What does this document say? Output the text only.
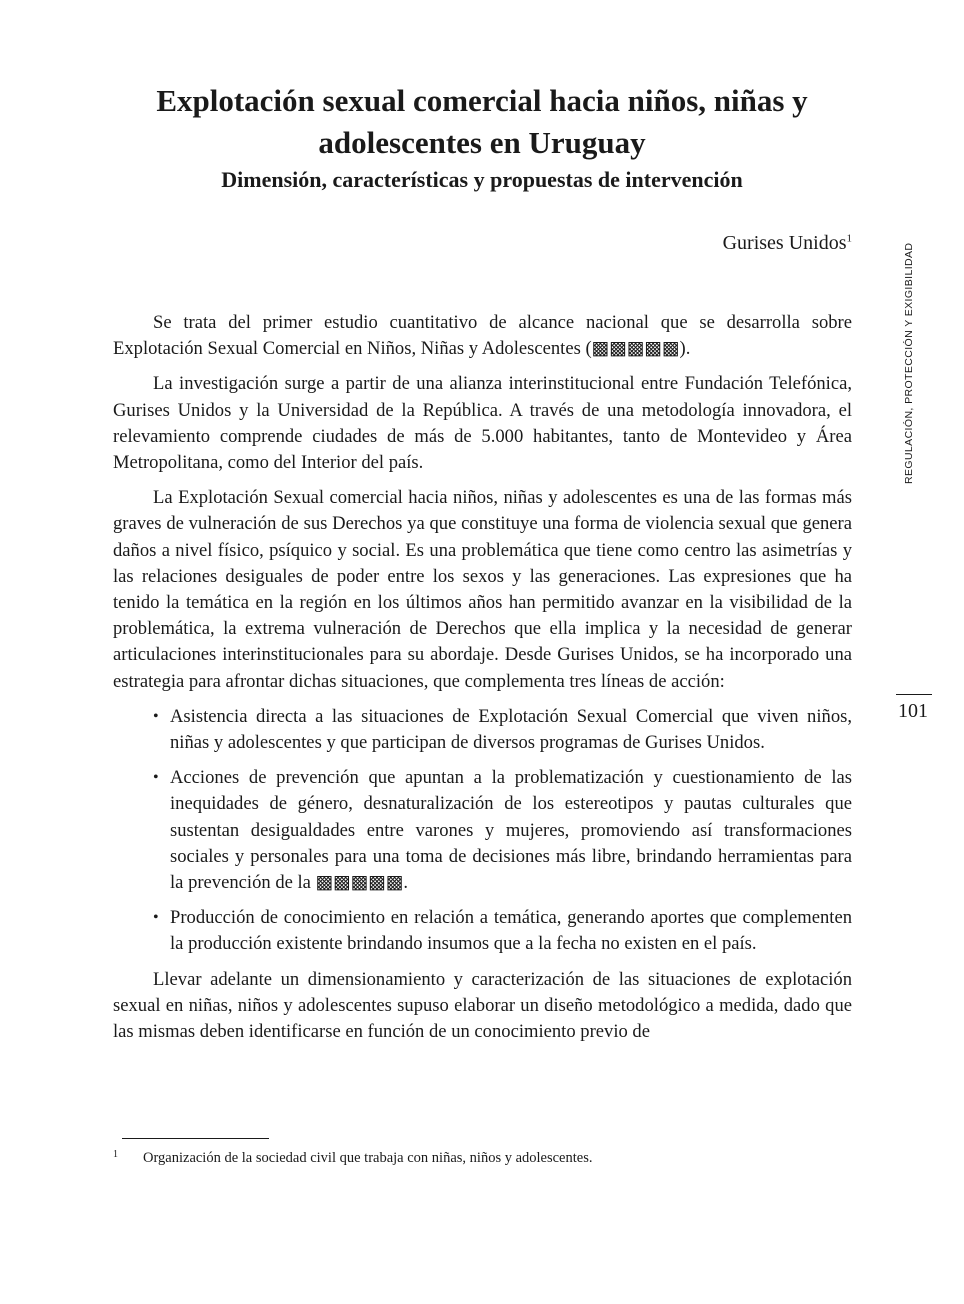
Explotación sexual comercial hacia niños, niñas y
adolescentes en Uruguay
Dimensión, características y propuestas de intervención
Gurises Unidos$^1$

Se trata del primer estudio cuantitativo de alcance nacional que se desarrolla sobre Explotación Sexual Comercial en Niños, Niñas y Adolescentes (▩▩▩▩▩).

La investigación surge a partir de una alianza interinstitucional entre Fundación Telefónica, Gurises Unidos y la Universidad de la República. A través de una metodología innovadora, el relevamiento comprende ciudades de más de 5.000 habitantes, tanto de Montevideo y Área Metropolitana, como del Interior del país.

La Explotación Sexual comercial hacia niños, niñas y adolescentes es una de las formas más graves de vulneración de sus Derechos ya que constituye una forma de violencia sexual que genera daños a nivel físico, psíquico y social. Es una problemática que tiene como centro las asimetrías y las relaciones desiguales de poder entre los sexos y las generaciones. Las expresiones que ha tenido la temática en la región en los últimos años han permitido avanzar en la visibilidad de la problemática, la extrema vulneración de Derechos que ella implica y la necesidad de generar articulaciones interinstitucionales para su abordaje. Desde Gurises Unidos, se ha incorporado una estrategia para afrontar dichas situaciones, que complementa tres líneas de acción:

• Asistencia directa a las situaciones de Explotación Sexual Comercial que viven niños, niñas y adolescentes y que participan de diversos programas de Gurises Unidos.
• Acciones de prevención que apuntan a la problematización y cuestionamiento de las inequidades de género, desnaturalización de los estereotipos y pautas culturales que sustentan desigualdades entre varones y mujeres, promoviendo así transformaciones sociales y personales para una toma de decisiones más libre, brindando herramientas para la prevención de la ▩▩▩▩▩.
• Producción de conocimiento en relación a temática, generando aportes que complementen la producción existente brindando insumos que a la fecha no existen en el país.

Llevar adelante un dimensionamiento y caracterización de las situaciones de explotación sexual en niñas, niños y adolescentes supuso elaborar un diseño metodológico a medida, dado que las mismas deben identificarse en función de un conocimiento previo de

1 Organización de la sociedad civil que trabaja con niñas, niños y adolescentes.
REGULACIÓN, PROTECCIÓN Y EXIGIBILIDAD
101
